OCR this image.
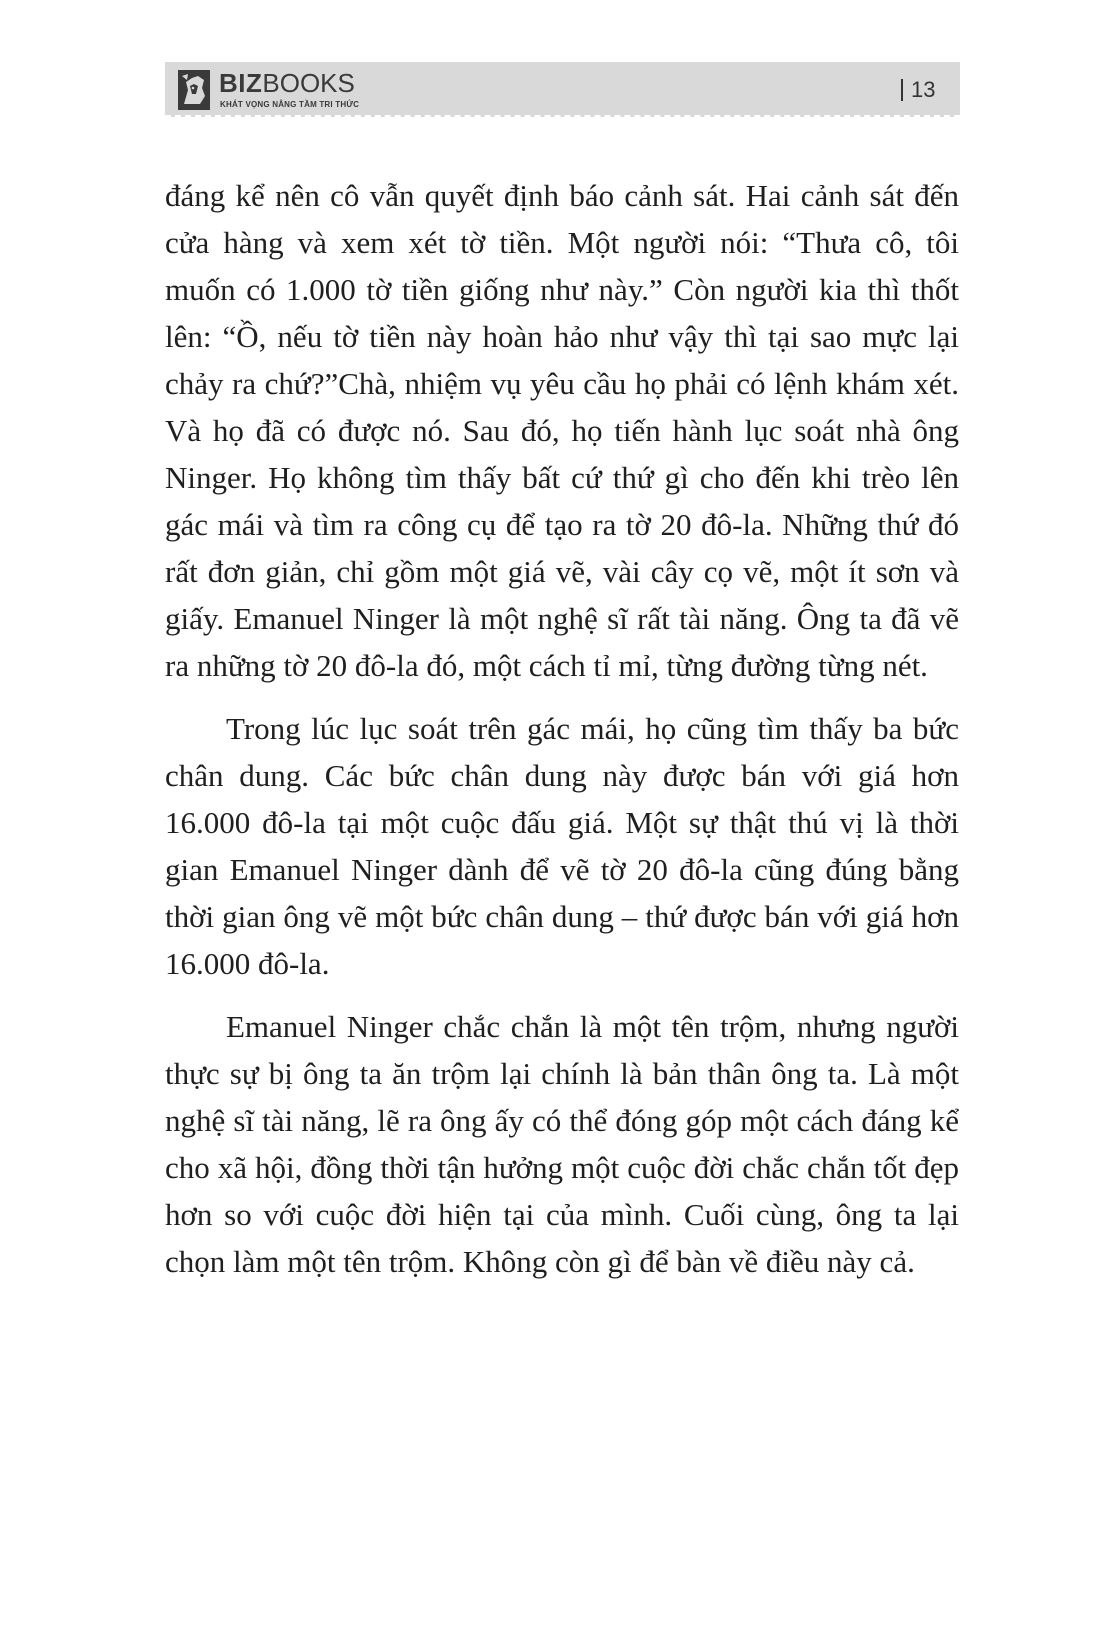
BIZBOOKS
KHÁT VỌNG NÂNG TẦM TRI THỨC
13

đáng kể nên cô vẫn quyết định báo cảnh sát. Hai cảnh sát đến cửa hàng và xem xét tờ tiền. Một người nói: “Thưa cô, tôi muốn có 1.000 tờ tiền giống như này.” Còn người kia thì thốt lên: “Ồ, nếu tờ tiền này hoàn hảo như vậy thì tại sao mực lại chảy ra chứ?”Chà, nhiệm vụ yêu cầu họ phải có lệnh khám xét. Và họ đã có được nó. Sau đó, họ tiến hành lục soát nhà ông Ninger. Họ không tìm thấy bất cứ thứ gì cho đến khi trèo lên gác mái và tìm ra công cụ để tạo ra tờ 20 đô-la. Những thứ đó rất đơn giản, chỉ gồm một giá vẽ, vài cây cọ vẽ, một ít sơn và giấy. Emanuel Ninger là một nghệ sĩ rất tài năng. Ông ta đã vẽ ra những tờ 20 đô-la đó, một cách tỉ mỉ, từng đường từng nét.

Trong lúc lục soát trên gác mái, họ cũng tìm thấy ba bức chân dung. Các bức chân dung này được bán với giá hơn 16.000 đô-la tại một cuộc đấu giá. Một sự thật thú vị là thời gian Emanuel Ninger dành để vẽ tờ 20 đô-la cũng đúng bằng thời gian ông vẽ một bức chân dung – thứ được bán với giá hơn 16.000 đô-la.

Emanuel Ninger chắc chắn là một tên trộm, nhưng người thực sự bị ông ta ăn trộm lại chính là bản thân ông ta. Là một nghệ sĩ tài năng, lẽ ra ông ấy có thể đóng góp một cách đáng kể cho xã hội, đồng thời tận hưởng một cuộc đời chắc chắn tốt đẹp hơn so với cuộc đời hiện tại của mình. Cuối cùng, ông ta lại chọn làm một tên trộm. Không còn gì để bàn về điều này cả.
